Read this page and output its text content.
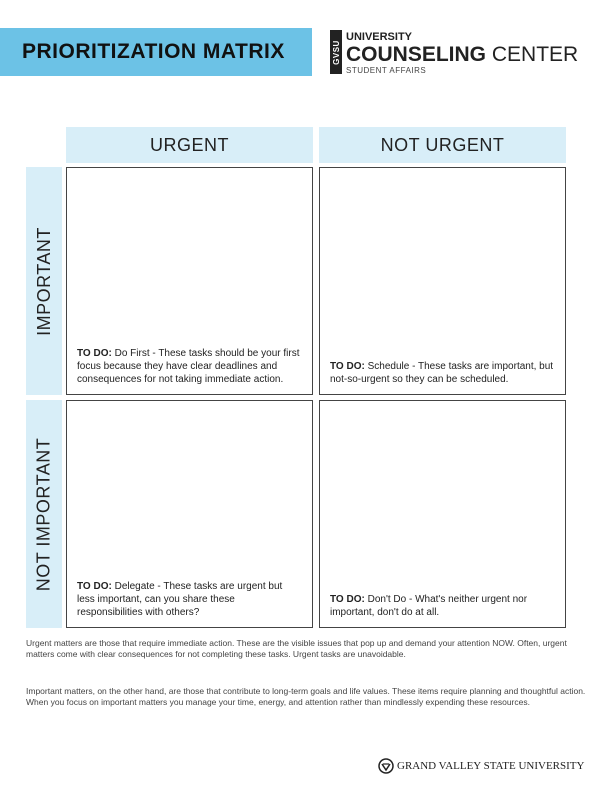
PRIORITIZATION MATRIX	GVSU
UNIVERSITY
COUNSELING CENTER
STUDENT AFFAIRS
URGENT	NOT URGENT
IMPORTANT
NOT IMPORTANT
TO DO: Do First - These tasks should be your first focus because they have clear deadlines and consequences for not taking immediate action.
TO DO: Schedule - These tasks are important, but not-so-urgent so they can be scheduled.
TO DO: Delegate - These tasks are urgent but less important, can you share these responsibilities with others?
TO DO: Don't Do - What's neither urgent nor important, don't do at all.
Urgent matters are those that require immediate action. These are the visible issues that pop up and demand your attention NOW. Often, urgent matters come with clear consequences for not completing these tasks. Urgent tasks are unavoidable.
Important matters, on the other hand, are those that contribute to long-term goals and life values. These items require planning and thoughtful action. When you focus on important matters you manage your time, energy, and attention rather than mindlessly expending these resources.
GRAND VALLEY STATE UNIVERSITY
